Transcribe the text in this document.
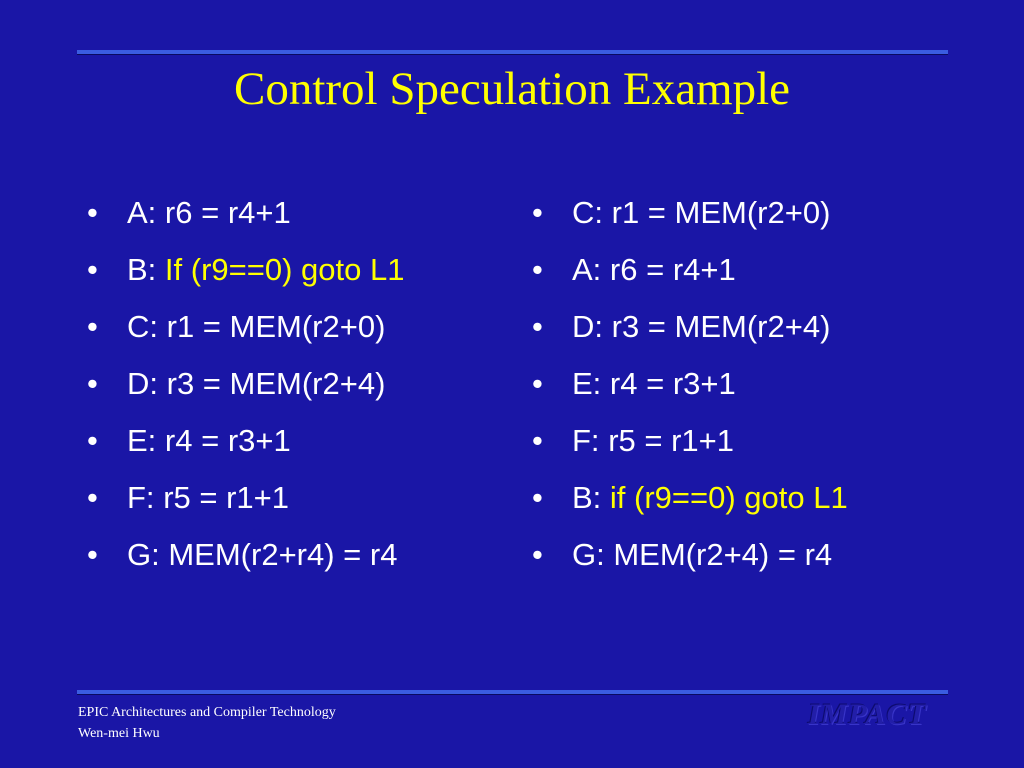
Control Speculation Example
• A: r6 = r4+1
• B: If (r9==0) goto L1
• C: r1 = MEM(r2+0)
• D: r3 = MEM(r2+4)
• E: r4 = r3+1
• F: r5 = r1+1
• G: MEM(r2+r4) = r4
• C: r1 = MEM(r2+0)
• A: r6 = r4+1
• D: r3 = MEM(r2+4)
• E: r4 = r3+1
• F: r5 = r1+1
• B: if (r9==0) goto L1
• G: MEM(r2+4) = r4
EPIC Architectures and Compiler Technology
Wen-mei Hwu
IMPACT
